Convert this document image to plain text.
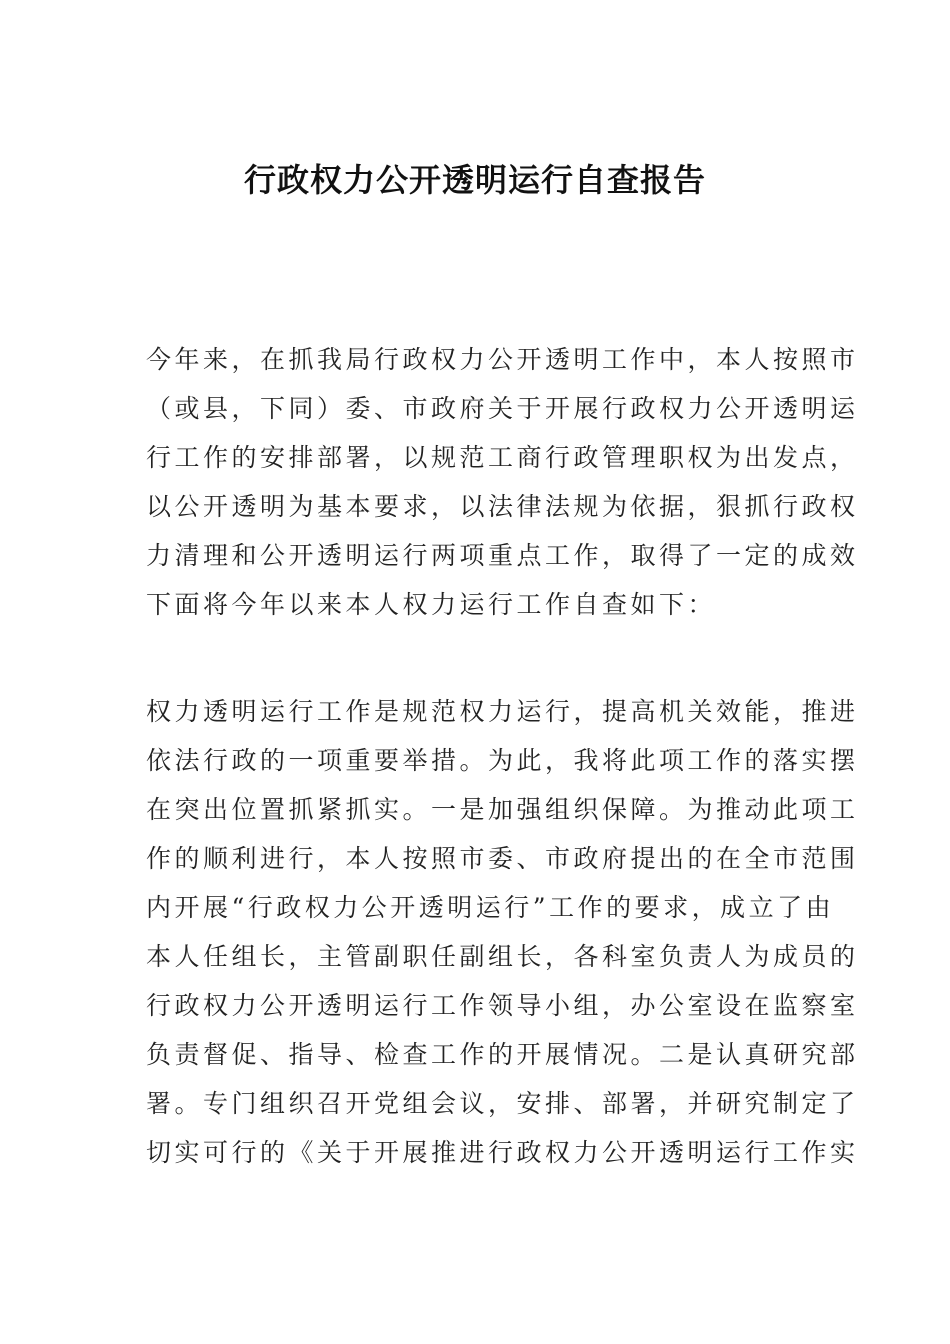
行政权力公开透明运行自查报告
今年来，在抓我局行政权力公开透明工作中，本人按照市
（或县，下同）委、市政府关于开展行政权力公开透明运
行工作的安排部署，以规范工商行政管理职权为出发点，
以公开透明为基本要求，以法律法规为依据，狠抓行政权
力清理和公开透明运行两项重点工作，取得了一定的成效
下面将今年以来本人权力运行工作自查如下：
权力透明运行工作是规范权力运行，提高机关效能，推进
依法行政的一项重要举措。为此，我将此项工作的落实摆
在突出位置抓紧抓实。一是加强组织保障。为推动此项工
作的顺利进行，本人按照市委、市政府提出的在全市范围
内开展“行政权力公开透明运行”工作的要求，成立了由
本人任组长，主管副职任副组长，各科室负责人为成员的
行政权力公开透明运行工作领导小组，办公室设在监察室
负责督促、指导、检查工作的开展情况。二是认真研究部
署。专门组织召开党组会议，安排、部署，并研究制定了
切实可行的《关于开展推进行政权力公开透明运行工作实
